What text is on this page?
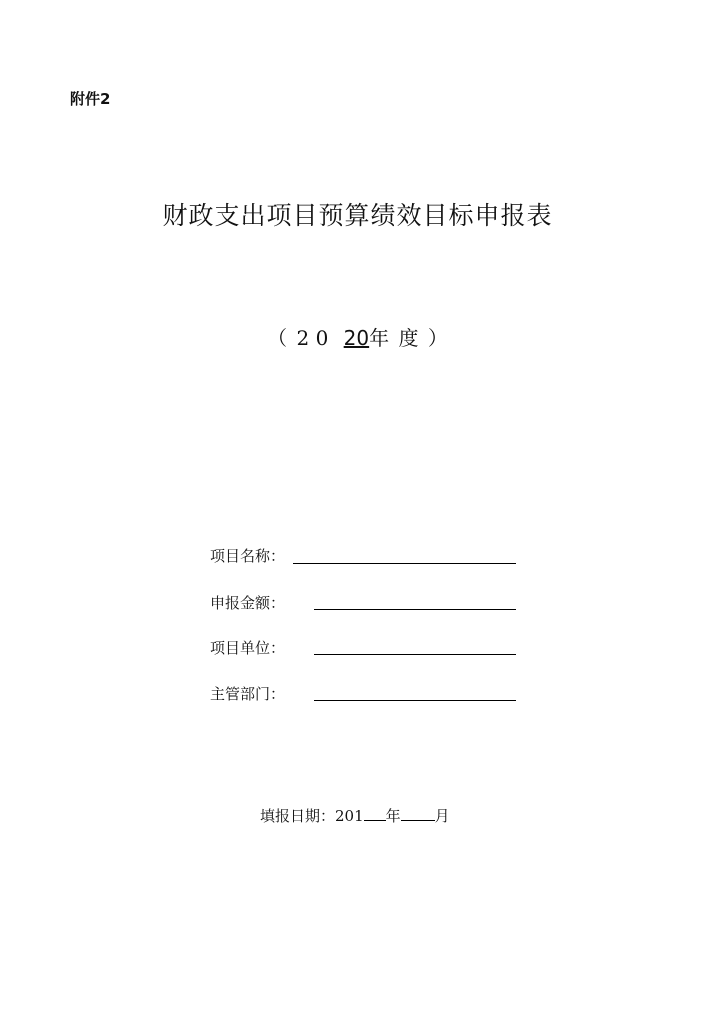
附件2
财政支出项目预算绩效目标申报表
（ 2 0 20年 度 ）
项目名称：
申报金额：
项目单位：
主管部门：
填报日期：201 年 月
